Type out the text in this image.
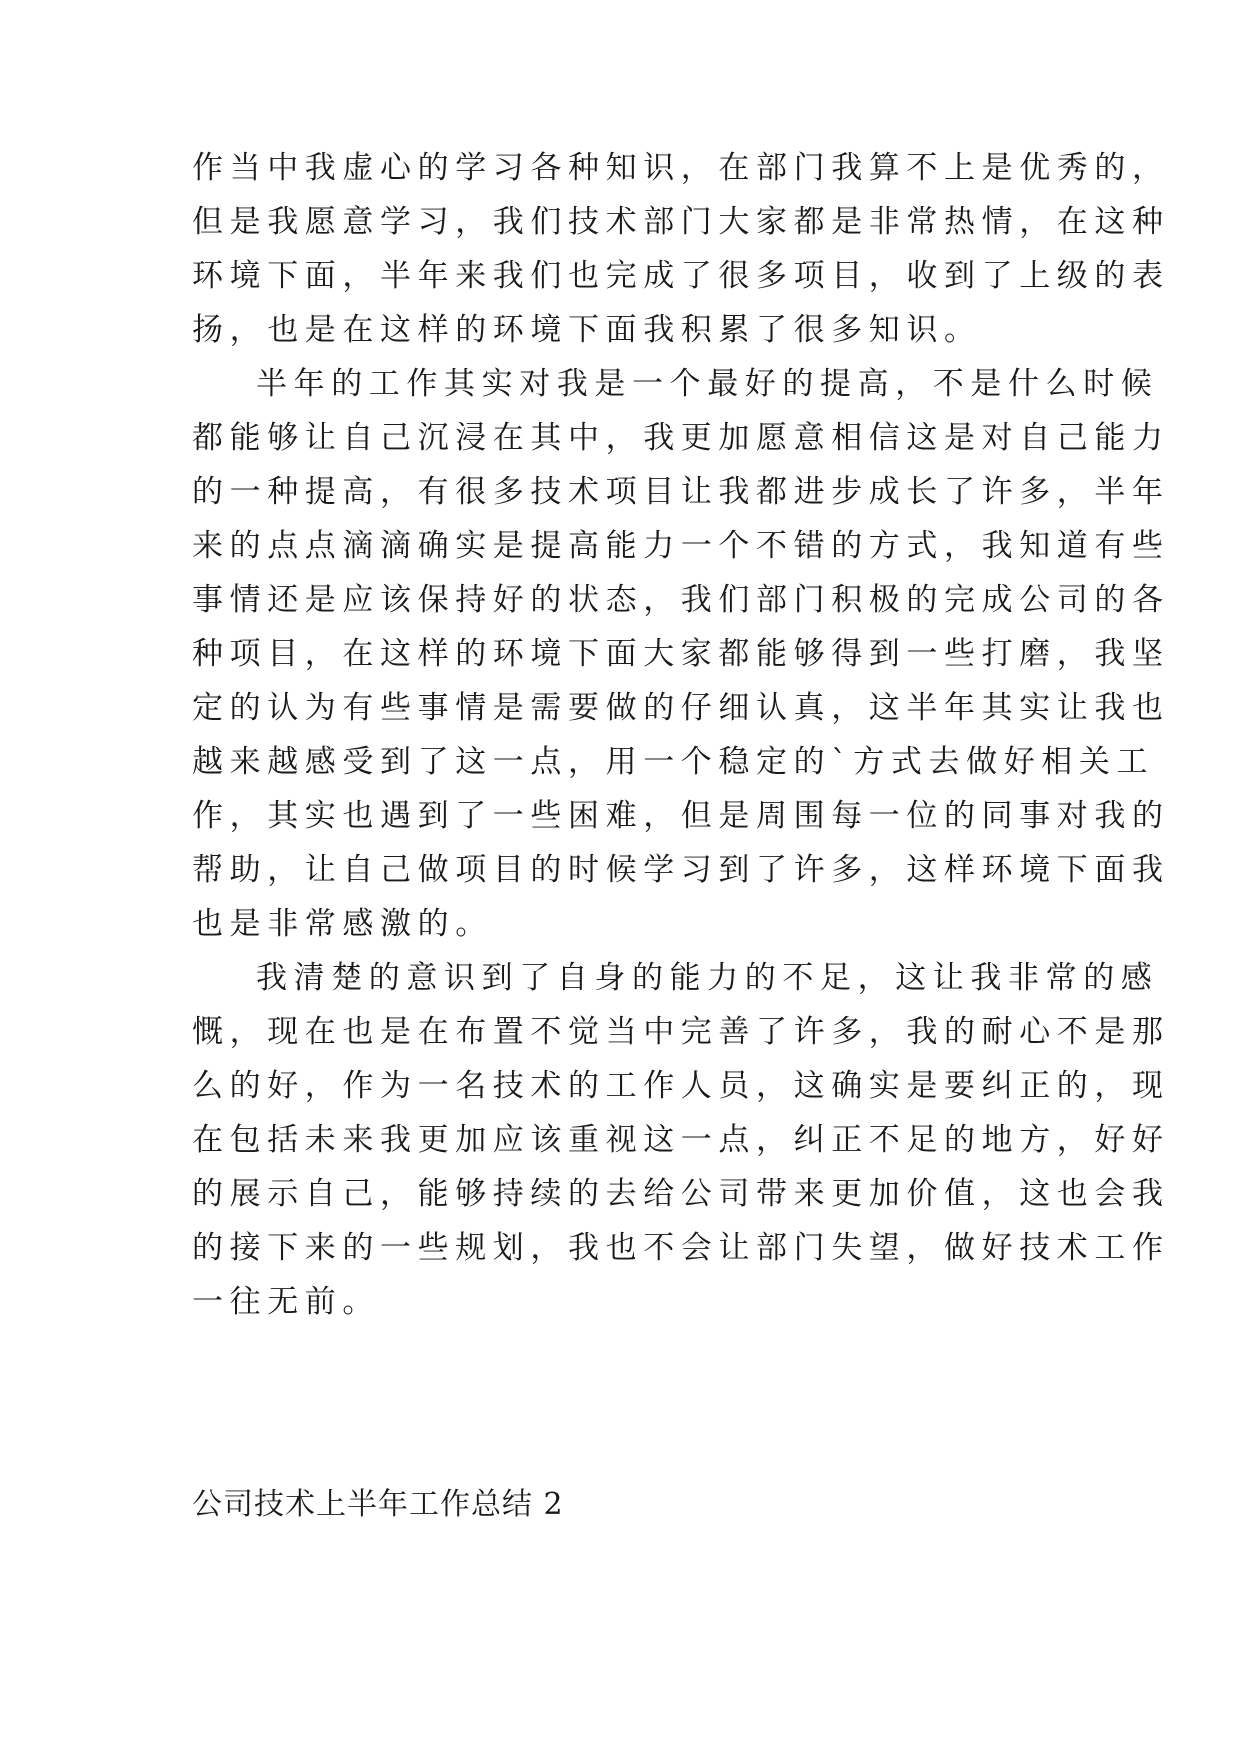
作当中我虚心的学习各种知识，在部门我算不上是优秀的，

但是我愿意学习，我们技术部门大家都是非常热情，在这种

环境下面，半年来我们也完成了很多项目，收到了上级的表

扬，也是在这样的环境下面我积累了很多知识。

半年的工作其实对我是一个最好的提高，不是什么时候

都能够让自己沉浸在其中，我更加愿意相信这是对自己能力

的一种提高，有很多技术项目让我都进步成长了许多，半年

来的点点滴滴确实是提高能力一个不错的方式，我知道有些

事情还是应该保持好的状态，我们部门积极的完成公司的各

种项目，在这样的环境下面大家都能够得到一些打磨，我坚

定的认为有些事情是需要做的仔细认真，这半年其实让我也

越来越感受到了这一点，用一个稳定的`方式去做好相关工

作，其实也遇到了一些困难，但是周围每一位的同事对我的

帮助，让自己做项目的时候学习到了许多，这样环境下面我

也是非常感激的。

我清楚的意识到了自身的能力的不足，这让我非常的感

慨，现在也是在布置不觉当中完善了许多，我的耐心不是那

么的好，作为一名技术的工作人员，这确实是要纠正的，现

在包括未来我更加应该重视这一点，纠正不足的地方，好好

的展示自己，能够持续的去给公司带来更加价值，这也会我

的接下来的一些规划，我也不会让部门失望，做好技术工作

一往无前。

公司技术上半年工作总结 2
